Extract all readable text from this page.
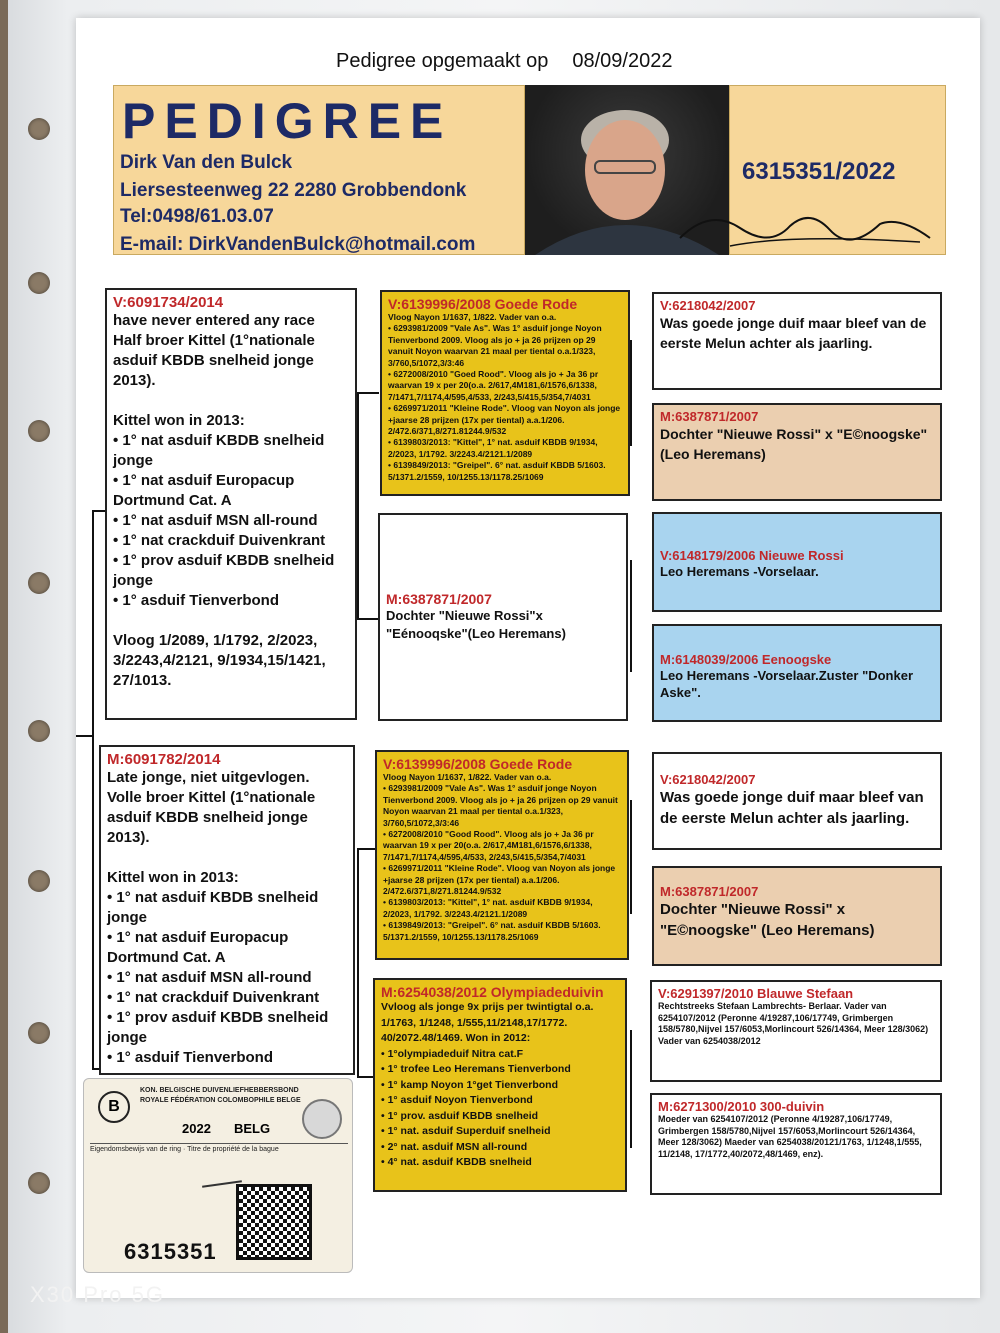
Pedigree opgemaakt op 08/09/2022
PEDIGREE
Dirk Van den Bulck
Liersesteenweg 22 2280 Grobbendonk
Tel:0498/61.03.07
E-mail: DirkVandenBulck@hotmail.com
6315351/2022
V:6091734/2014

have never entered any race

Half broer Kittel (1°nationale asduif KBDB snelheid jonge 2013).

Kittel won in 2013:

• 1° nat asduif KBDB snelheid jonge

• 1° nat asduif Europacup Dortmund Cat. A

• 1° nat asduif MSN all-round

• 1° nat crackduif Duivenkrant

• 1° prov asduif KBDB snelheid jonge

• 1° asduif Tienverbond

Vloog 1/2089, 1/1792, 2/2023, 3/2243,4/2121, 9/1934,15/1421, 27/1013.

M:6091782/2014

Late jonge, niet uitgevlogen.

Volle broer Kittel (1°nationale asduif KBDB snelheid jonge 2013).

Kittel won in 2013:

• 1° nat asduif KBDB snelheid jonge

• 1° nat asduif Europacup Dortmund Cat. A

• 1° nat asduif MSN all-round

• 1° nat crackduif Duivenkrant

• 1° prov asduif KBDB snelheid jonge

• 1° asduif Tienverbond

V:6139996/2008 Goede Rode
Vloog Nayon 1/1637, 1/822. Vader van o.a.
• 6293981/2009 "Vale As". Was 1° asduif jonge Noyon Tienverbond 2009. Vloog als jo + ja 26 prijzen op 29 vanuit Noyon waarvan 21 maal per tiental o.a.1/323, 3/760,5/1072,3/3:46
• 6272008/2010 "Goed Rood". Vloog als jo + Ja 36 pr waarvan 19 x per 20(o.a. 2/617,4M181,6/1576,6/1338, 7/1471,7/1174,4/595,4/533, 2/243,5/415,5/354,7/4031
• 6269971/2011 "Kleine Rode". Vloog van Noyon als jonge +jaarse 28 prijzen (17x per tiental) a.a.1/206. 2/472.6/371,8/271.81244.9/532
• 6139803/2013: "Kittel", 1° nat. asduif KBDB 9/1934, 2/2023, 1/1792. 3/2243.4/2121.1/2089
• 6139849/2013: "Greipel". 6° nat. asduif KBDB 5/1603. 5/1371.2/1559, 10/1255.13/1178.25/1069
M:6387871/2007

Dochter "Nieuwe Rossi"x

"Eénooqske"(Leo Heremans)

V:6139996/2008 Goede Rode
Vloog Nayon 1/1637, 1/822. Vader van o.a.
• 6293981/2009 "Vale As". Was 1° asduif jonge Noyon Tienverbond 2009. Vloog als jo + ja 26 prijzen op 29 vanuit Noyon waarvan 21 maal per tiental o.a.1/323, 3/760,5/1072,3/3:46
• 6272008/2010 "Good Rood". Vloog als jo + Ja 36 pr waarvan 19 x per 20(o.a. 2/617,4M181,6/1576,6/1338, 7/1471,7/1174,4/595,4/533, 2/243,5/415,5/354,7/4031
• 6269971/2011 "Kleine Rode". Vloog van Noyon als jonge +jaarse 28 prijzen (17x per tiental) a.a.1/206. 2/472.6/371,8/271.81244.9/532
• 6139803/2013: "Kittel", 1° nat. asduif KBDB 9/1934, 2/2023, 1/1792. 3/2243.4/2121.1/2089
• 6139849/2013: "Greipel". 6° nat. asduif KBDB 5/1603. 5/1371.2/1559, 10/1255.13/1178.25/1069
M:6254038/2012 Olympiadeduivin

Vvloog als jonge 9x prijs per twintigtal o.a. 1/1763, 1/1248, 1/555,11/2148,17/1772. 40/2072.48/1469. Won in 2012:

• 1°olympiadeduif Nitra cat.F

• 1° trofee Leo Heremans Tienverbond

• 1° kamp Noyon 1°get Tienverbond

• 1° asduif Noyon Tienverbond

• 1° prov. asduif KBDB snelheid

• 1° nat. asduif Superduif snelheid

• 2° nat. asduif MSN all-round

• 4° nat. asduif KBDB snelheid

V:6218042/2007
Was goede jonge duif maar bleef van de eerste Melun achter als jaarling.
M:6387871/2007
Dochter "Nieuwe Rossi" x "E©noogske" (Leo Heremans)
V:6148179/2006 Nieuwe Rossi
Leo Heremans -Vorselaar.
M:6148039/2006 Eenoogske
Leo Heremans -Vorselaar.Zuster "Donker Aske".
V:6218042/2007
Was goede jonge duif maar bleef van de eerste Melun achter als jaarling.
M:6387871/2007
Dochter "Nieuwe Rossi" x "E©noogske" (Leo Heremans)
V:6291397/2010 Blauwe Stefaan
Rechtstreeks Stefaan Lambrechts- Berlaar. Vader van 6254107/2012 (Peronne 4/19287,106/17749, Grimbergen 158/5780,Nijvel 157/6053,Morlincourt 526/14364, Meer 128/3062) Vader van 6254038/2012
M:6271300/2010 300-duivin
Moeder van 6254107/2012 (Peronne 4/19287,106/17749, Grimbergen 158/5780,Nijvel 157/6053,Morlincourt 526/14364, Meer 128/3062) Maeder van 6254038/20121/1763, 1/1248,1/555, 11/2148, 17/1772,40/2072,48/1469, enz).
B
KON. BELGISCHE DUIVENLIEFHEBBERSBOND
ROYALE FÉDÉRATION COLOMBOPHILE BELGE
2022 BELG
Eigendomsbewijs van de ring · Titre de propriété de la bague
6315351
X30 Pro 5G
